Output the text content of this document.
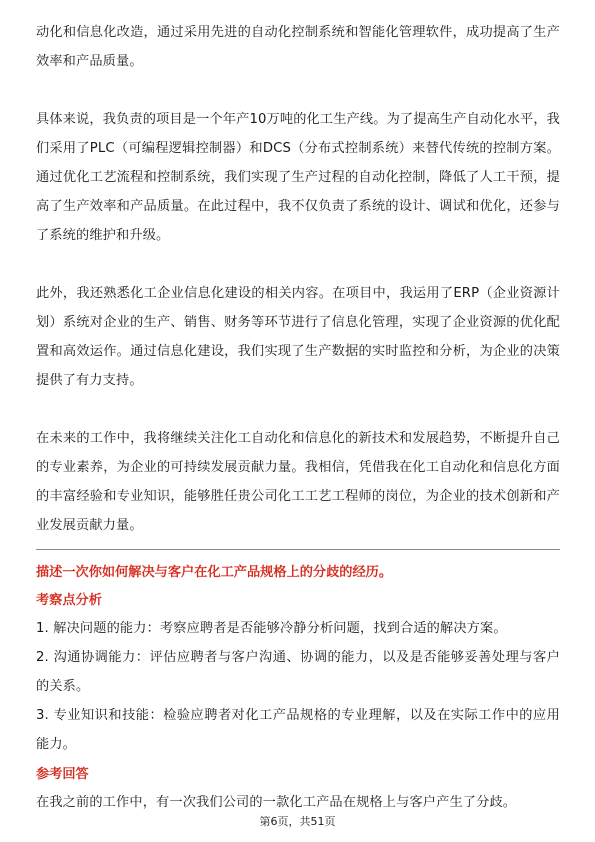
动化和信息化改造，通过采用先进的自动化控制系统和智能化管理软件，成功提高了生产效率和产品质量。

具体来说，我负责的项目是一个年产10万吨的化工生产线。为了提高生产自动化水平，我们采用了PLC（可编程逻辑控制器）和DCS（分布式控制系统）来替代传统的控制方案。通过优化工艺流程和控制系统，我们实现了生产过程的自动化控制，降低了人工干预，提高了生产效率和产品质量。在此过程中，我不仅负责了系统的设计、调试和优化，还参与了系统的维护和升级。

此外，我还熟悉化工企业信息化建设的相关内容。在项目中，我运用了ERP（企业资源计划）系统对企业的生产、销售、财务等环节进行了信息化管理，实现了企业资源的优化配置和高效运作。通过信息化建设，我们实现了生产数据的实时监控和分析，为企业的决策提供了有力支持。

在未来的工作中，我将继续关注化工自动化和信息化的新技术和发展趋势，不断提升自己的专业素养，为企业的可持续发展贡献力量。我相信，凭借我在化工自动化和信息化方面的丰富经验和专业知识，能够胜任贵公司化工工艺工程师的岗位，为企业的技术创新和产业发展贡献力量。

描述一次你如何解决与客户在化工产品规格上的分歧的经历。

考察点分析

1. 解决问题的能力：考察应聘者是否能够冷静分析问题，找到合适的解决方案。
2. 沟通协调能力：评估应聘者与客户沟通、协调的能力，以及是否能够妥善处理与客户的关系。
3. 专业知识和技能：检验应聘者对化工产品规格的专业理解，以及在实际工作中的应用能力。

参考回答

在我之前的工作中，有一次我们公司的一款化工产品在规格上与客户产生了分歧。

第6页，共51页
